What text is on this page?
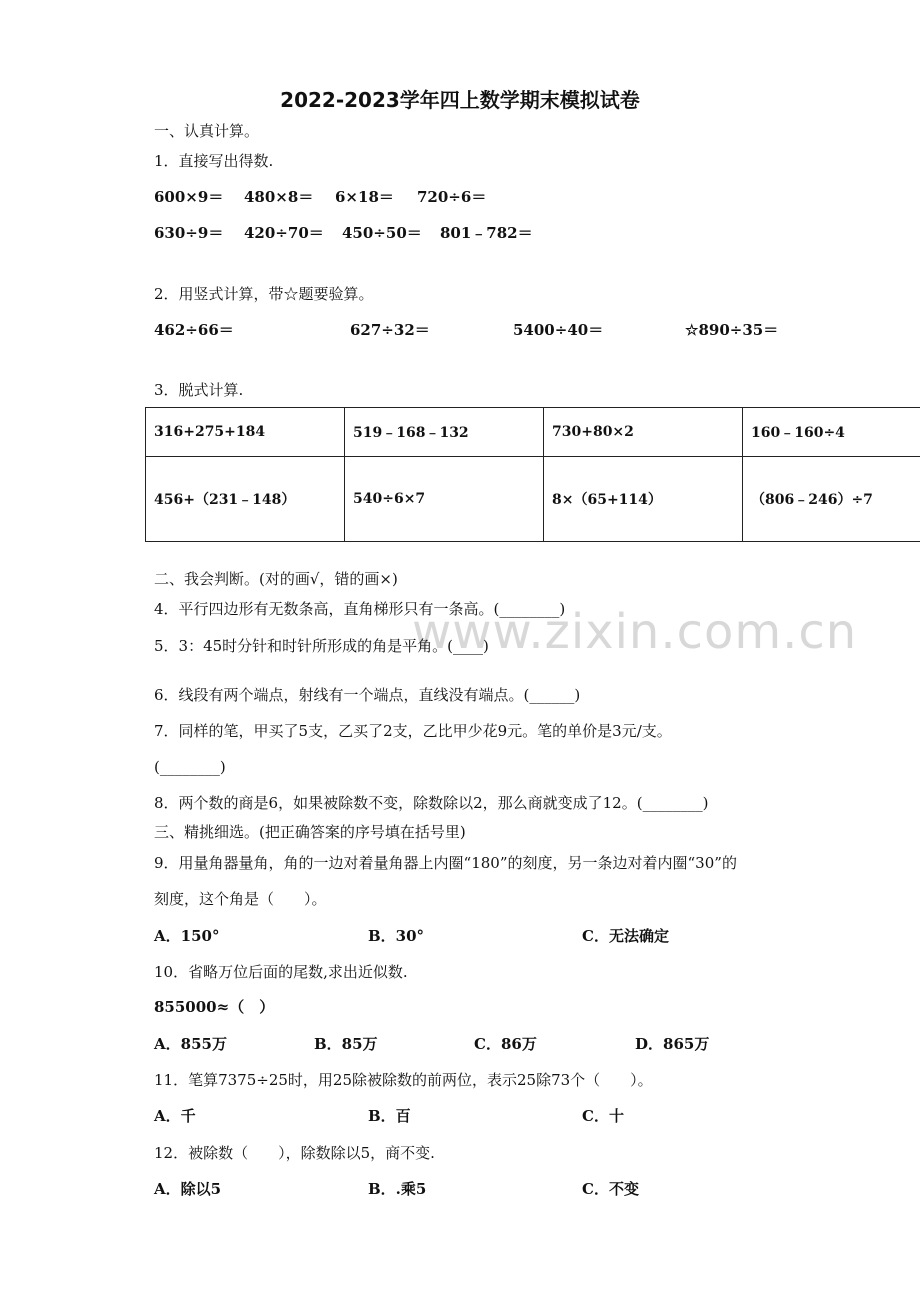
www.zixin.com.cn
2022-2023学年四上数学期末模拟试卷
一、认真计算。
1．直接写出得数.
600×9＝ 480×8＝ 6×18＝ 720÷6＝
630÷9＝ 420÷70＝ 450÷50＝ 801﹣782＝
2．用竖式计算，带☆题要验算。
462÷66＝	627÷32＝	5400÷40＝	☆890÷35＝
3．脱式计算.
316+275+184	519﹣168﹣132	730+80×2	160﹣160÷4
456+（231﹣148）	540÷6×7	8×（65+114）	（806﹣246）÷7
二、我会判断。(对的画√，错的画×)
4．平行四边形有无数条高，直角梯形只有一条高。(________)
5．3：45时分针和时针所形成的角是平角。(____)
6．线段有两个端点，射线有一个端点，直线没有端点。(______)
7．同样的笔，甲买了5支，乙买了2支，乙比甲少花9元。笔的单价是3元/支。
(________)
8．两个数的商是6，如果被除数不变，除数除以2，那么商就变成了12。(________)
三、精挑细选。(把正确答案的序号填在括号里)
9．用量角器量角，角的一边对着量角器上内圈“180”的刻度，另一条边对着内圈“30”的
刻度，这个角是（　　）。
A．150°	B．30°	C．无法确定
10．省略万位后面的尾数,求出近似数.
855000≈（　）
A．855万	B．85万	C．86万	D．865万
11．笔算7375÷25时，用25除被除数的前两位，表示25除73个（　　）。
A．千	B．百	C．十
12．被除数（　　），除数除以5，商不变.
A．除以5	B．.乘5	C．不变
